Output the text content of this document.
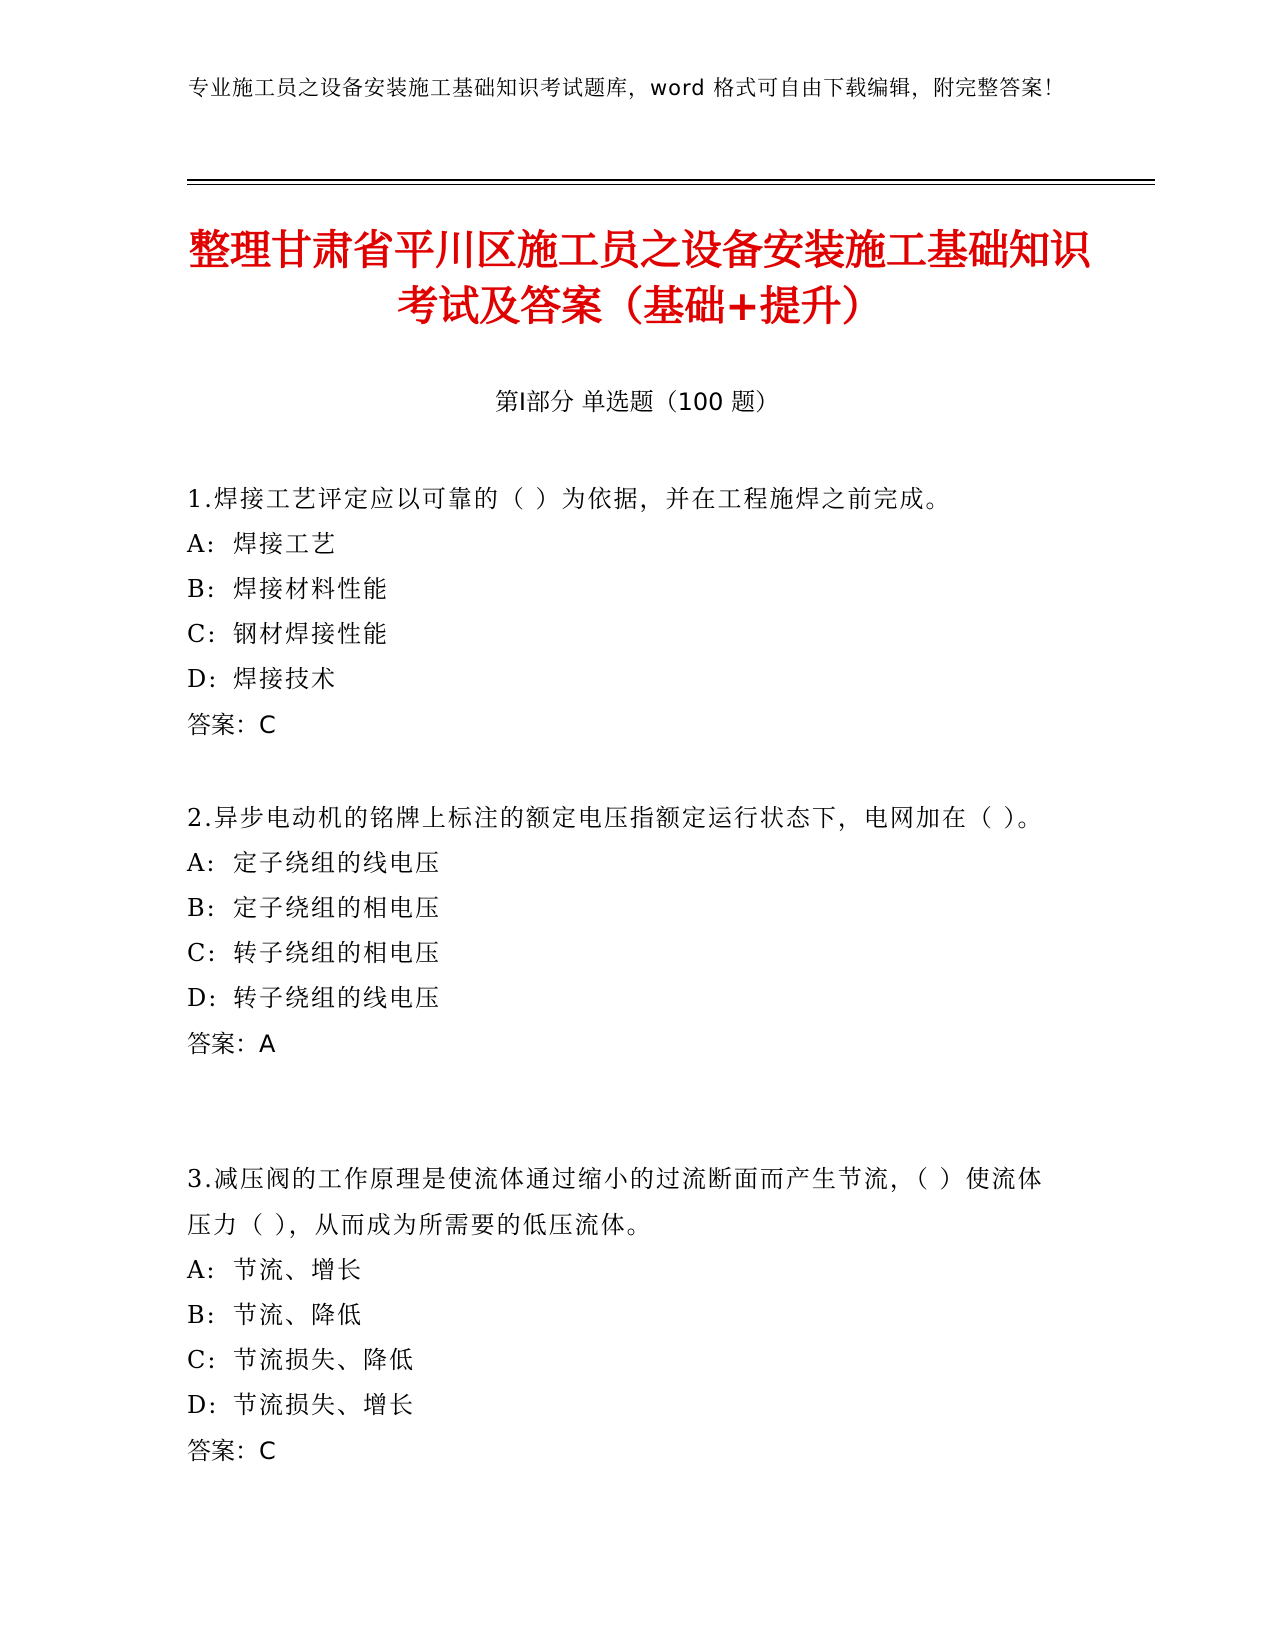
专业施工员之设备安装施工基础知识考试题库，word 格式可自由下载编辑，附完整答案！
整理甘肃省平川区施工员之设备安装施工基础知识考试及答案（基础+提升）
第Ⅰ部分 单选题（100 题）

1.焊接工艺评定应以可靠的（ ）为依据，并在工程施焊之前完成。

A: 焊接工艺

B: 焊接材料性能

C: 钢材焊接性能

D: 焊接技术

答案：C

2.异步电动机的铭牌上标注的额定电压指额定运行状态下，电网加在（ ）。

A: 定子绕组的线电压

B: 定子绕组的相电压

C: 转子绕组的相电压

D: 转子绕组的线电压

答案：A

3.减压阀的工作原理是使流体通过缩小的过流断面而产生节流，（ ）使流体压力（ ），从而成为所需要的低压流体。

A: 节流、增长

B: 节流、降低

C: 节流损失、降低

D: 节流损失、增长

答案：C
